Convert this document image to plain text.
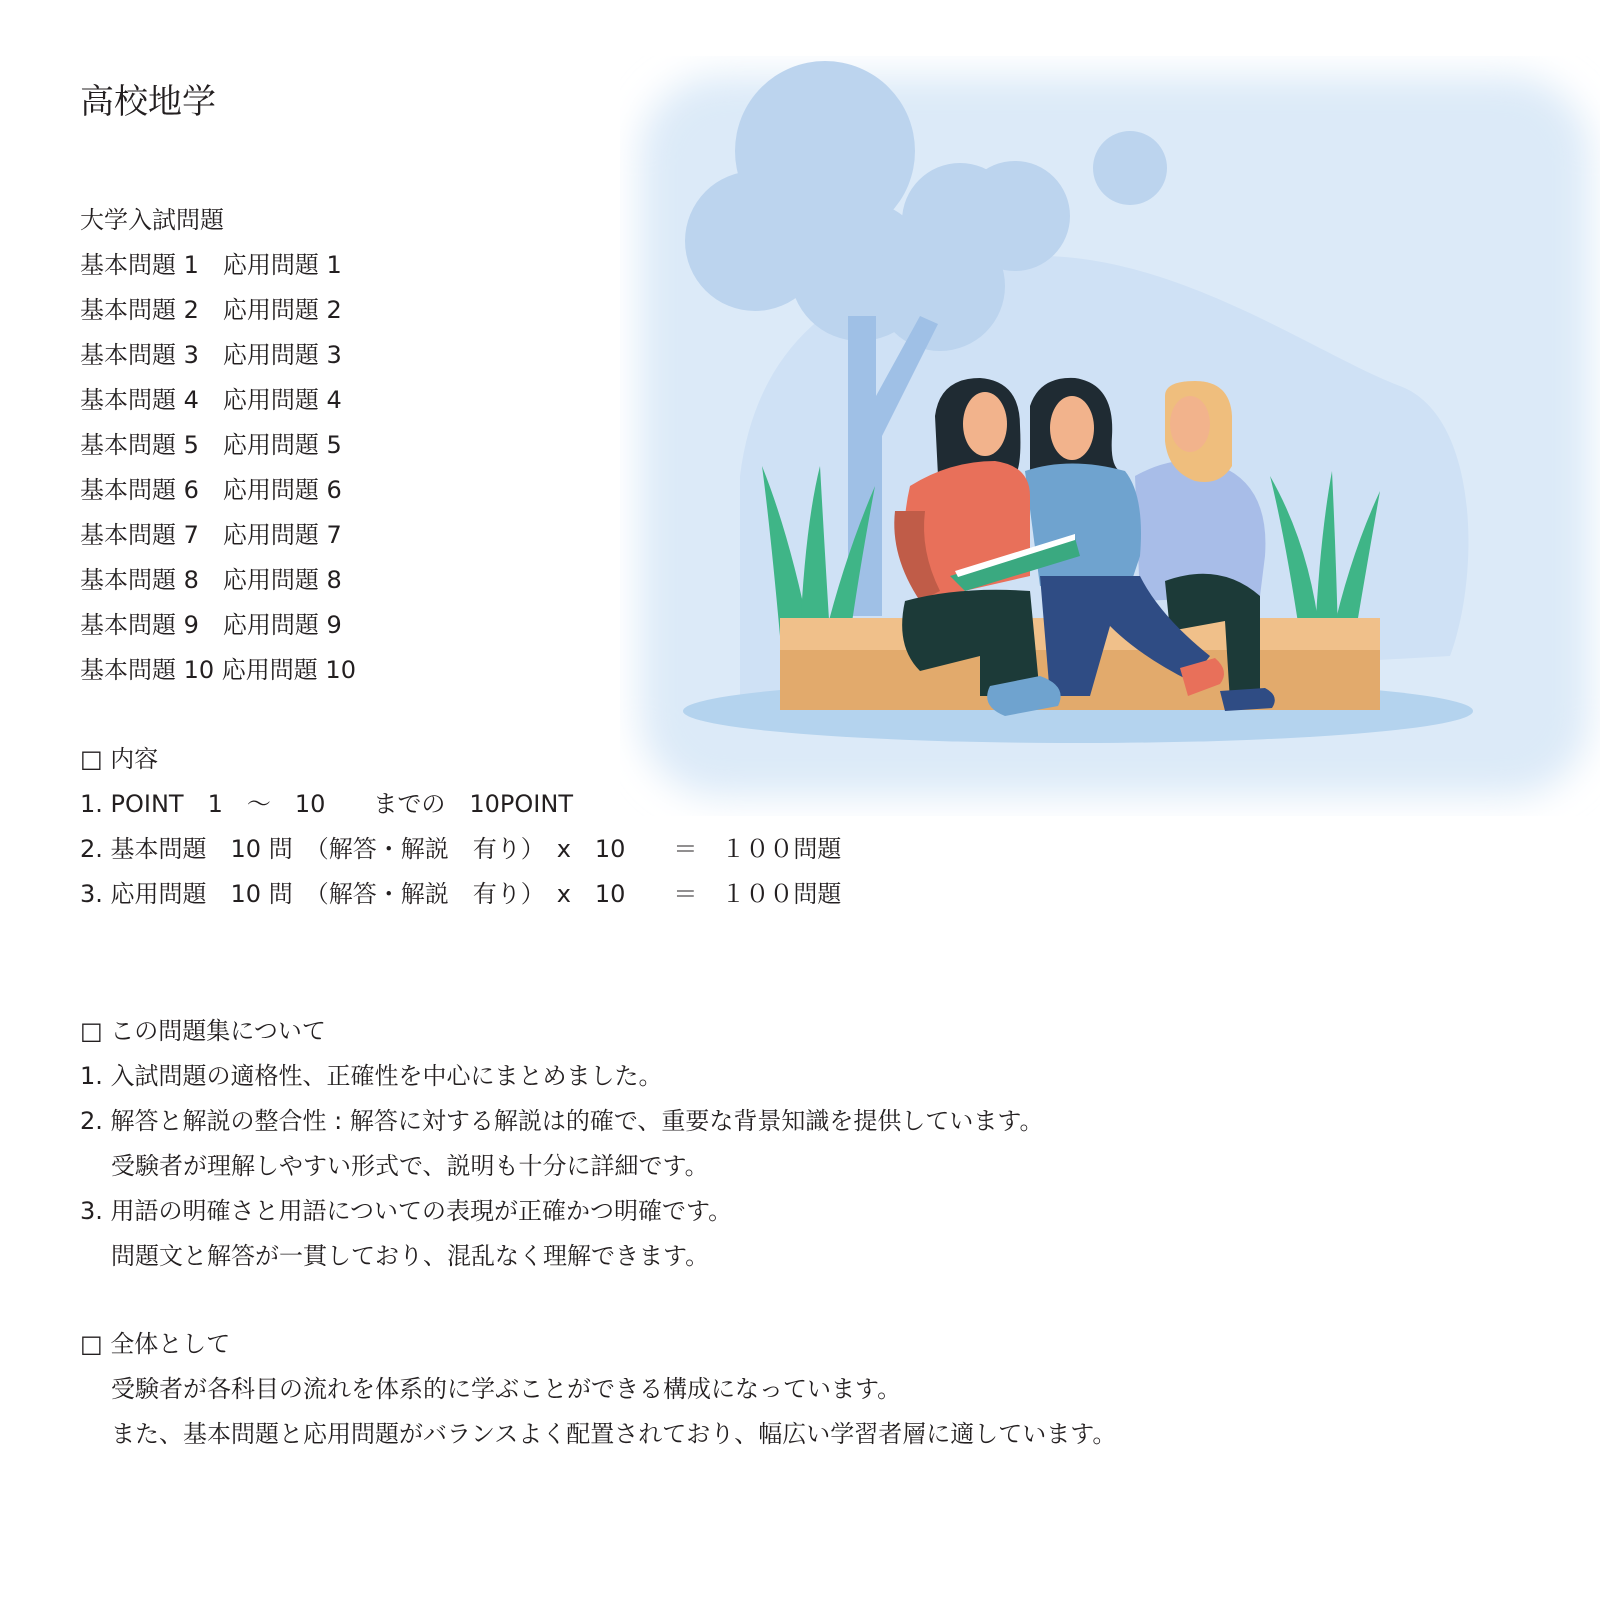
高校地学
大学入試問題
基本問題 1　応用問題 1
基本問題 2　応用問題 2
基本問題 3　応用問題 3
基本問題 4　応用問題 4
基本問題 5　応用問題 5
基本問題 6　応用問題 6
基本問題 7　応用問題 7
基本問題 8　応用問題 8
基本問題 9　応用問題 9
基本問題 10 応用問題 10
□ 内容
1. POINT　1　～　10　　までの　10POINT
2. 基本問題　10 問　（解答・解説　有り）　x　10　　＝　１００問題
3. 応用問題　10 問　（解答・解説　有り）　x　10　　＝　１００問題
□ この問題集について
1. 入試問題の適格性、正確性を中心にまとめました。
2. 解答と解説の整合性 : 解答に対する解説は的確で、重要な背景知識を提供しています。
受験者が理解しやすい形式で、説明も十分に詳細です。
3. 用語の明確さと用語についての表現が正確かつ明確です。
問題文と解答が一貫しており、混乱なく理解できます。
□ 全体として
受験者が各科目の流れを体系的に学ぶことができる構成になっています。
また、基本問題と応用問題がバランスよく配置されており、幅広い学習者層に適しています。
